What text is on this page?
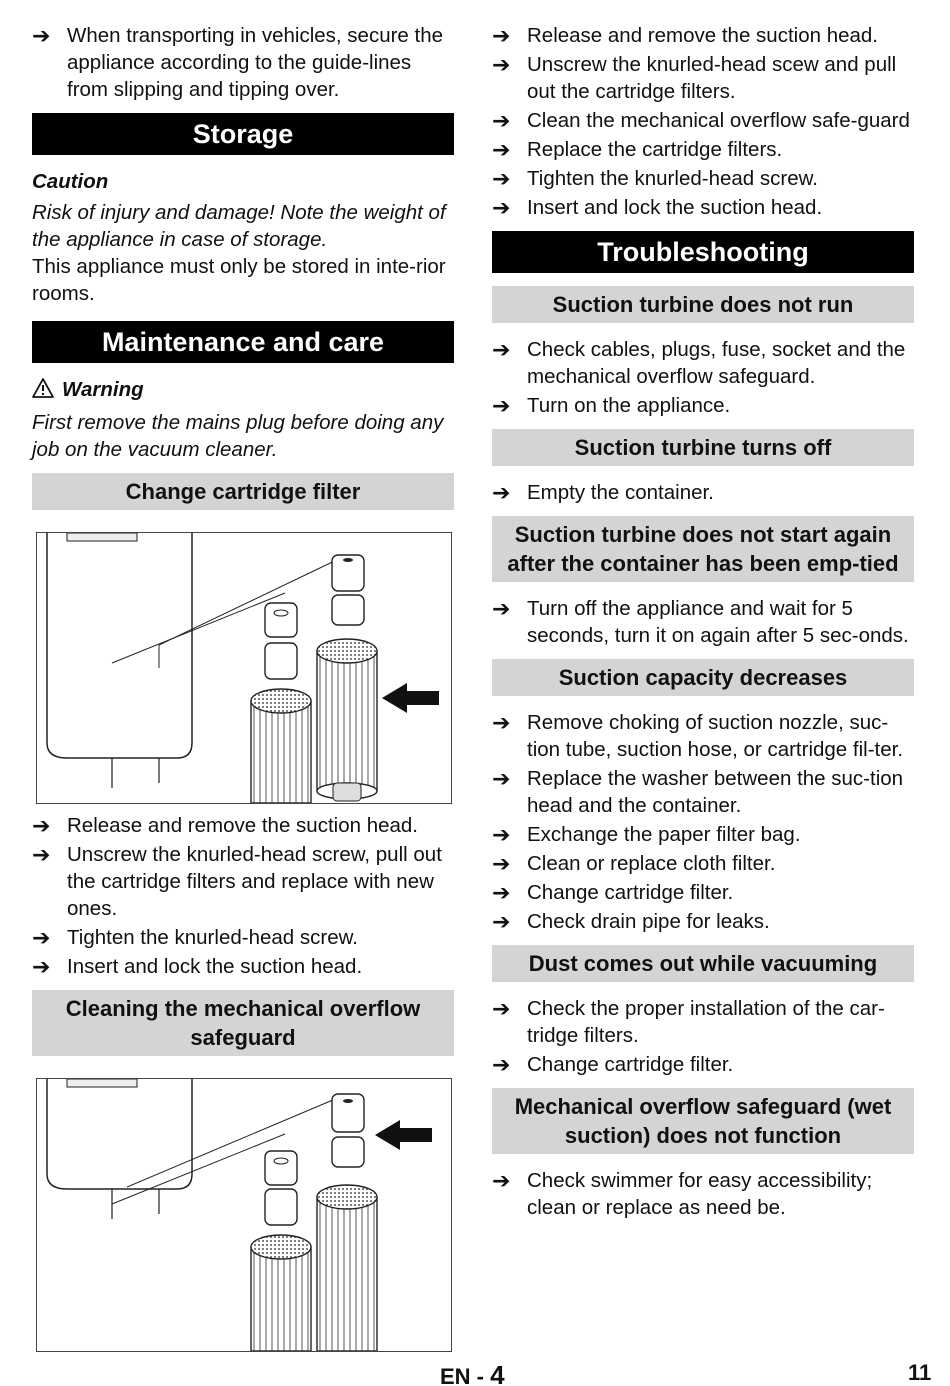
➔ When transporting in vehicles, secure the appliance according to the guide-lines from slipping and tipping over.
Storage
Caution
Risk of injury and damage! Note the weight of the appliance in case of storage.
This appliance must only be stored in inte-rior rooms.
Maintenance and care
Warning
First remove the mains plug before doing any job on the vacuum cleaner.
Change cartridge filter
➔ Release and remove the suction head.
➔ Unscrew the knurled-head screw, pull out the cartridge filters and replace with new ones.
➔ Tighten the knurled-head screw.
➔ Insert and lock the suction head.
Cleaning the mechanical overflow safeguard
➔ Release and remove the suction head.
➔ Unscrew the knurled-head scew and pull out the cartridge filters.
➔ Clean the mechanical overflow safe-guard
➔ Replace the cartridge filters.
➔ Tighten the knurled-head screw.
➔ Insert and lock the suction head.
Troubleshooting
Suction turbine does not run
➔ Check cables, plugs, fuse, socket and the mechanical overflow safeguard.
➔ Turn on the appliance.
Suction turbine turns off
➔ Empty the container.
Suction turbine does not start again after the container has been emp-tied
➔ Turn off the appliance and wait for 5 seconds, turn it on again after 5 sec-onds.
Suction capacity decreases
➔ Remove choking of suction nozzle, suc-tion tube, suction hose, or cartridge fil-ter.
➔ Replace the washer between the suc-tion head and the container.
➔ Exchange the paper filter bag.
➔ Clean or replace cloth filter.
➔ Change cartridge filter.
➔ Check drain pipe for leaks.
Dust comes out while vacuuming
➔ Check the proper installation of the car-tridge filters.
➔ Change cartridge filter.
Mechanical overflow safeguard (wet suction) does not function
➔ Check swimmer for easy accessibility; clean or replace as need be.
EN - 4	11
